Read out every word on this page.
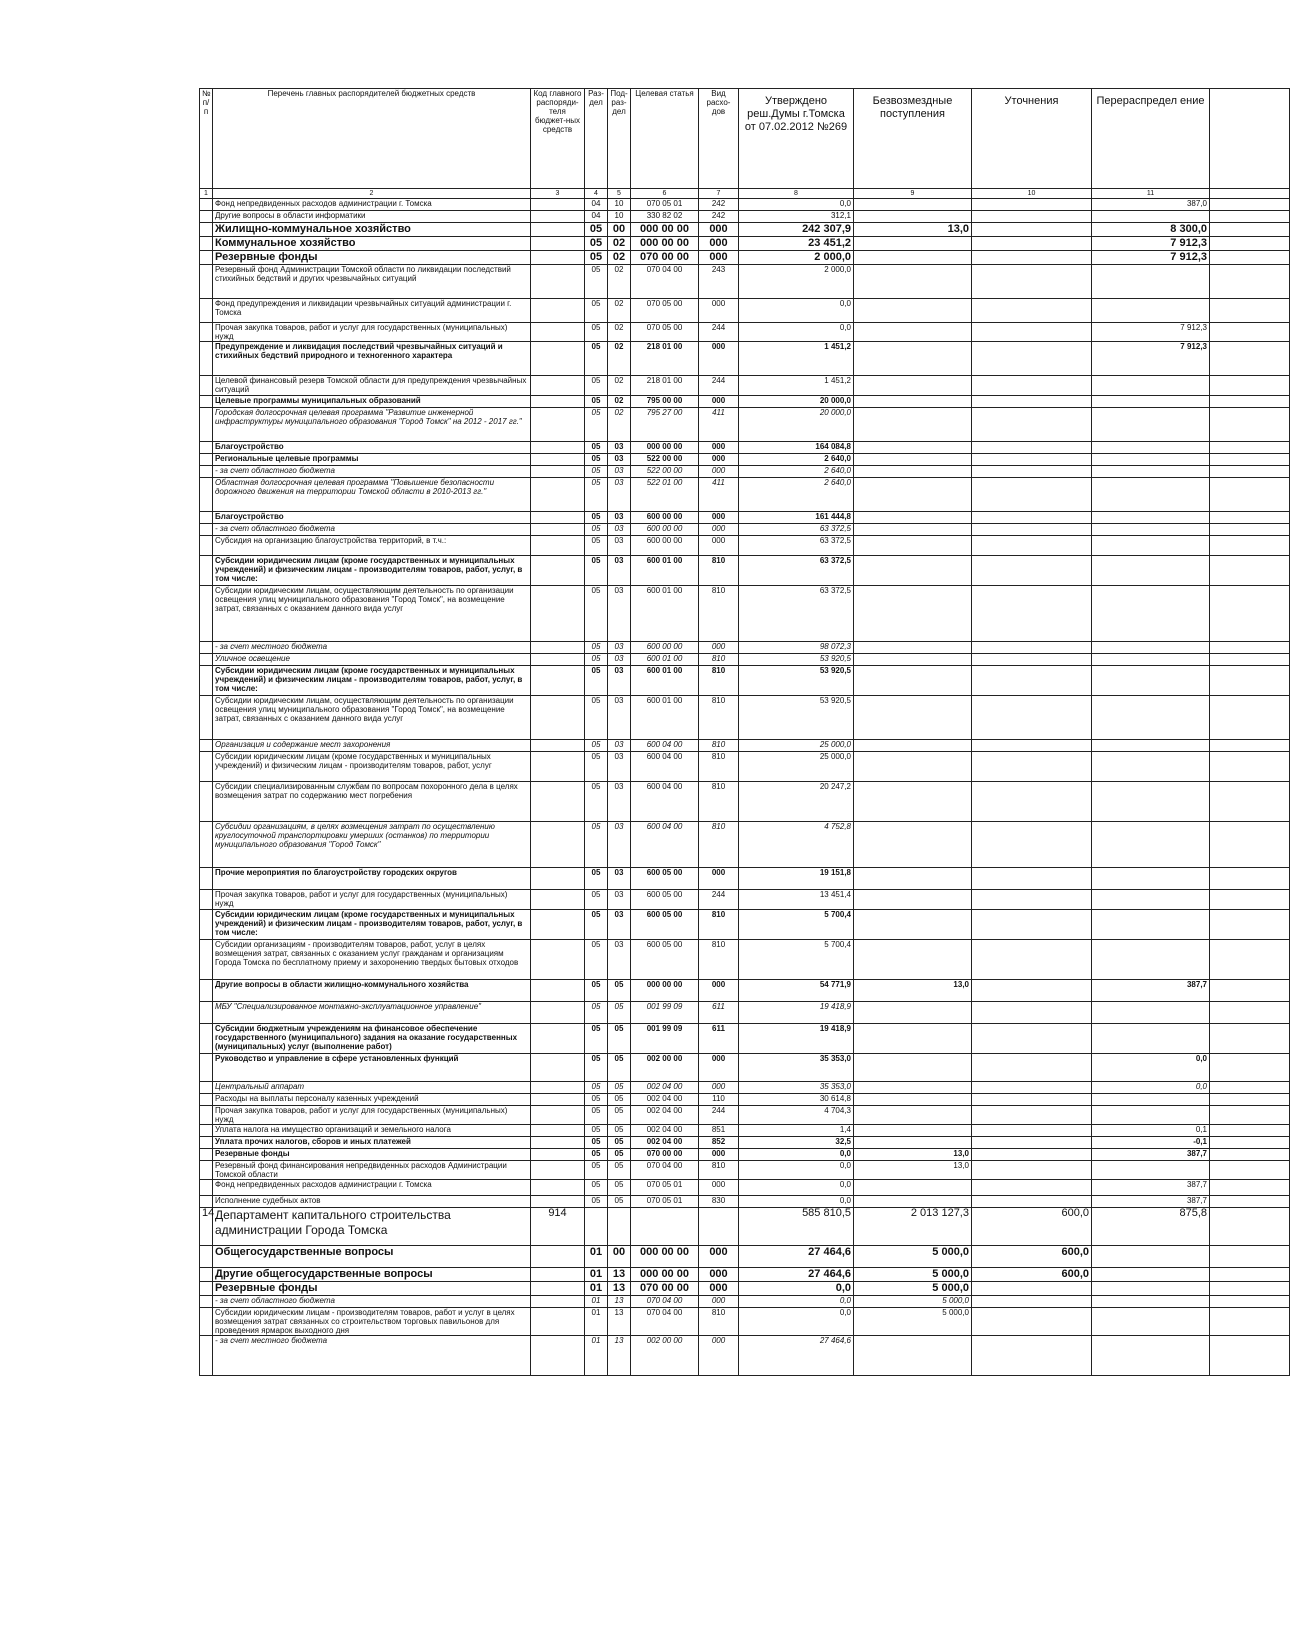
№ п/п	Перечень главных распорядителей бюджетных средств	Код главного распоряди-теля бюджет-ных средств	Раз-дел	Под-раз-дел	Целевая статья	Вид расхо-дов	Утверждено реш.Думы г.Томска от 07.02.2012 №269	Безвозмездные поступления	Уточнения	Перераспредел ение	
1	2	3	4	5	6	7	8	9	10	11	
	Фонд непредвиденных расходов администрации г. Томска		04	10	070 05 01	242	0,0			387,0	
	Другие вопросы в области информатики		04	10	330 82 02	242	312,1				
	Жилищно-коммунальное хозяйство		05	00	000 00 00	000	242 307,9	13,0		8 300,0	
	Коммунальное хозяйство		05	02	000 00 00	000	23 451,2			7 912,3	
	Резервные фонды		05	02	070 00 00	000	2 000,0			7 912,3	
	Резервный фонд Администрации Томской области по ликвидации последствий стихийных бедствий и других чрезвычайных ситуаций		05	02	070 04 00	243	2 000,0				
	Фонд предупреждения и ликвидации чрезвычайных ситуаций администрации г. Томска		05	02	070 05 00	000	0,0				
	Прочая закупка товаров, работ и услуг для государственных (муниципальных) нужд		05	02	070 05 00	244	0,0			7 912,3	
	Предупреждение и ликвидация последствий чрезвычайных ситуаций и стихийных бедствий природного и техногенного характера		05	02	218 01 00	000	1 451,2			7 912,3	
	Целевой финансовый резерв Томской области для предупреждения чрезвычайных ситуаций		05	02	218 01 00	244	1 451,2				
	Целевые программы муниципальных образований		05	02	795 00 00	000	20 000,0				
	Городская долгосрочная целевая программа "Развитие инженерной инфраструктуры муниципального образования "Город Томск" на 2012 - 2017 гг."		05	02	795 27 00	411	20 000,0				
	Благоустройство		05	03	000 00 00	000	164 084,8				
	Региональные целевые программы		05	03	522 00 00	000	2 640,0				
	- за счет областного бюджета		05	03	522 00 00	000	2 640,0				
	Областная долгосрочная целевая программа "Повышение безопасности дорожного движения на территории Томской области в 2010-2013 гг."		05	03	522 01 00	411	2 640,0				
	Благоустройство		05	03	600 00 00	000	161 444,8				
	- за счет областного бюджета		05	03	600 00 00	000	63 372,5				
	Субсидия на организацию благоустройства территорий, в т.ч.:		05	03	600 00 00	000	63 372,5				
	Субсидии юридическим лицам (кроме государственных и муниципальных учреждений) и физическим лицам - производителям товаров, работ, услуг, в том числе:		05	03	600 01 00	810	63 372,5				
	Субсидии юридическим лицам, осуществляющим деятельность по организации освещения улиц муниципального образования "Город Томск", на возмещение затрат, связанных с оказанием данного вида услуг		05	03	600 01 00	810	63 372,5				
	- за счет местного бюджета		05	03	600 00 00	000	98 072,3				
	Уличное освещение		05	03	600 01 00	810	53 920,5				
	Субсидии юридическим лицам (кроме государственных и муниципальных учреждений) и физическим лицам - производителям товаров, работ, услуг, в том числе:		05	03	600 01 00	810	53 920,5				
	Субсидии юридическим лицам, осуществляющим деятельность по организации освещения улиц муниципального образования "Город Томск", на возмещение затрат, связанных с оказанием данного вида услуг		05	03	600 01 00	810	53 920,5				
	Организация и содержание мест захоронения		05	03	600 04 00	810	25 000,0				
	Субсидии юридическим лицам (кроме государственных и муниципальных учреждений) и физическим лицам - производителям товаров, работ, услуг		05	03	600 04 00	810	25 000,0				
	Субсидии специализированным службам по вопросам похоронного дела в целях возмещения затрат по содержанию мест погребения		05	03	600 04 00	810	20 247,2				
	Субсидии организациям, в целях возмещения затрат по осуществлению круглосуточной транспортировки умерших (останков) по территории муниципального образования "Город Томск"		05	03	600 04 00	810	4 752,8				
	Прочие мероприятия по благоустройству городских округов		05	03	600 05 00	000	19 151,8				
	Прочая закупка товаров, работ и услуг для государственных (муниципальных) нужд		05	03	600 05 00	244	13 451,4				
	Субсидии юридическим лицам (кроме государственных и муниципальных учреждений) и физическим лицам - производителям товаров, работ, услуг, в том числе:		05	03	600 05 00	810	5 700,4				
	Субсидии организациям - производителям товаров, работ, услуг в целях возмещения затрат, связанных с оказанием услуг гражданам и организациям Города Томска по бесплатному приему и захоронению твердых бытовых отходов		05	03	600 05 00	810	5 700,4				
	Другие вопросы в области жилищно-коммунального хозяйства		05	05	000 00 00	000	54 771,9	13,0		387,7	
	МБУ "Специализированное монтажно-эксплуатационное управление"		05	05	001 99 09	611	19 418,9				
	Субсидии бюджетным учреждениям на финансовое обеспечение государственного (муниципального) задания на оказание государственных (муниципальных) услуг (выполнение работ)		05	05	001 99 09	611	19 418,9				
	Руководство и управление в сфере установленных функций		05	05	002 00 00	000	35 353,0			0,0	
	Центральный аппарат		05	05	002 04 00	000	35 353,0			0,0	
	Расходы на выплаты персоналу казенных учреждений		05	05	002 04 00	110	30 614,8				
	Прочая закупка товаров, работ и услуг для государственных (муниципальных) нужд		05	05	002 04 00	244	4 704,3				
	Уплата налога на имущество организаций и земельного налога		05	05	002 04 00	851	1,4			0,1	
	Уплата прочих налогов, сборов и иных платежей		05	05	002 04 00	852	32,5			-0,1	
	Резервные фонды		05	05	070 00 00	000	0,0	13,0		387,7	
	Резервный фонд финансирования непредвиденных расходов Администрации Томской области		05	05	070 04 00	810	0,0	13,0			
	Фонд непредвиденных расходов администрации г. Томска		05	05	070 05 01	000	0,0			387,7	
	Исполнение судебных актов		05	05	070 05 01	830	0,0			387,7	
14	Департамент капитального строительства администрации Города Томска	914					585 810,5	2 013 127,3	600,0	875,8	
	Общегосударственные вопросы		01	00	000 00 00	000	27 464,6	5 000,0	600,0		
	Другие общегосударственные вопросы		01	13	000 00 00	000	27 464,6	5 000,0	600,0		
	Резервные фонды		01	13	070 00 00	000	0,0	5 000,0			
	- за счет областного бюджета		01	13	070 04 00	000	0,0	5 000,0			
	Субсидии юридическим лицам - производителям товаров, работ и услуг в целях возмещения затрат связанных со строительством торговых павильонов для проведения ярмарок выходного дня		01	13	070 04 00	810	0,0	5 000,0			
	- за счет местного бюджета		01	13	002 00 00	000	27 464,6				
